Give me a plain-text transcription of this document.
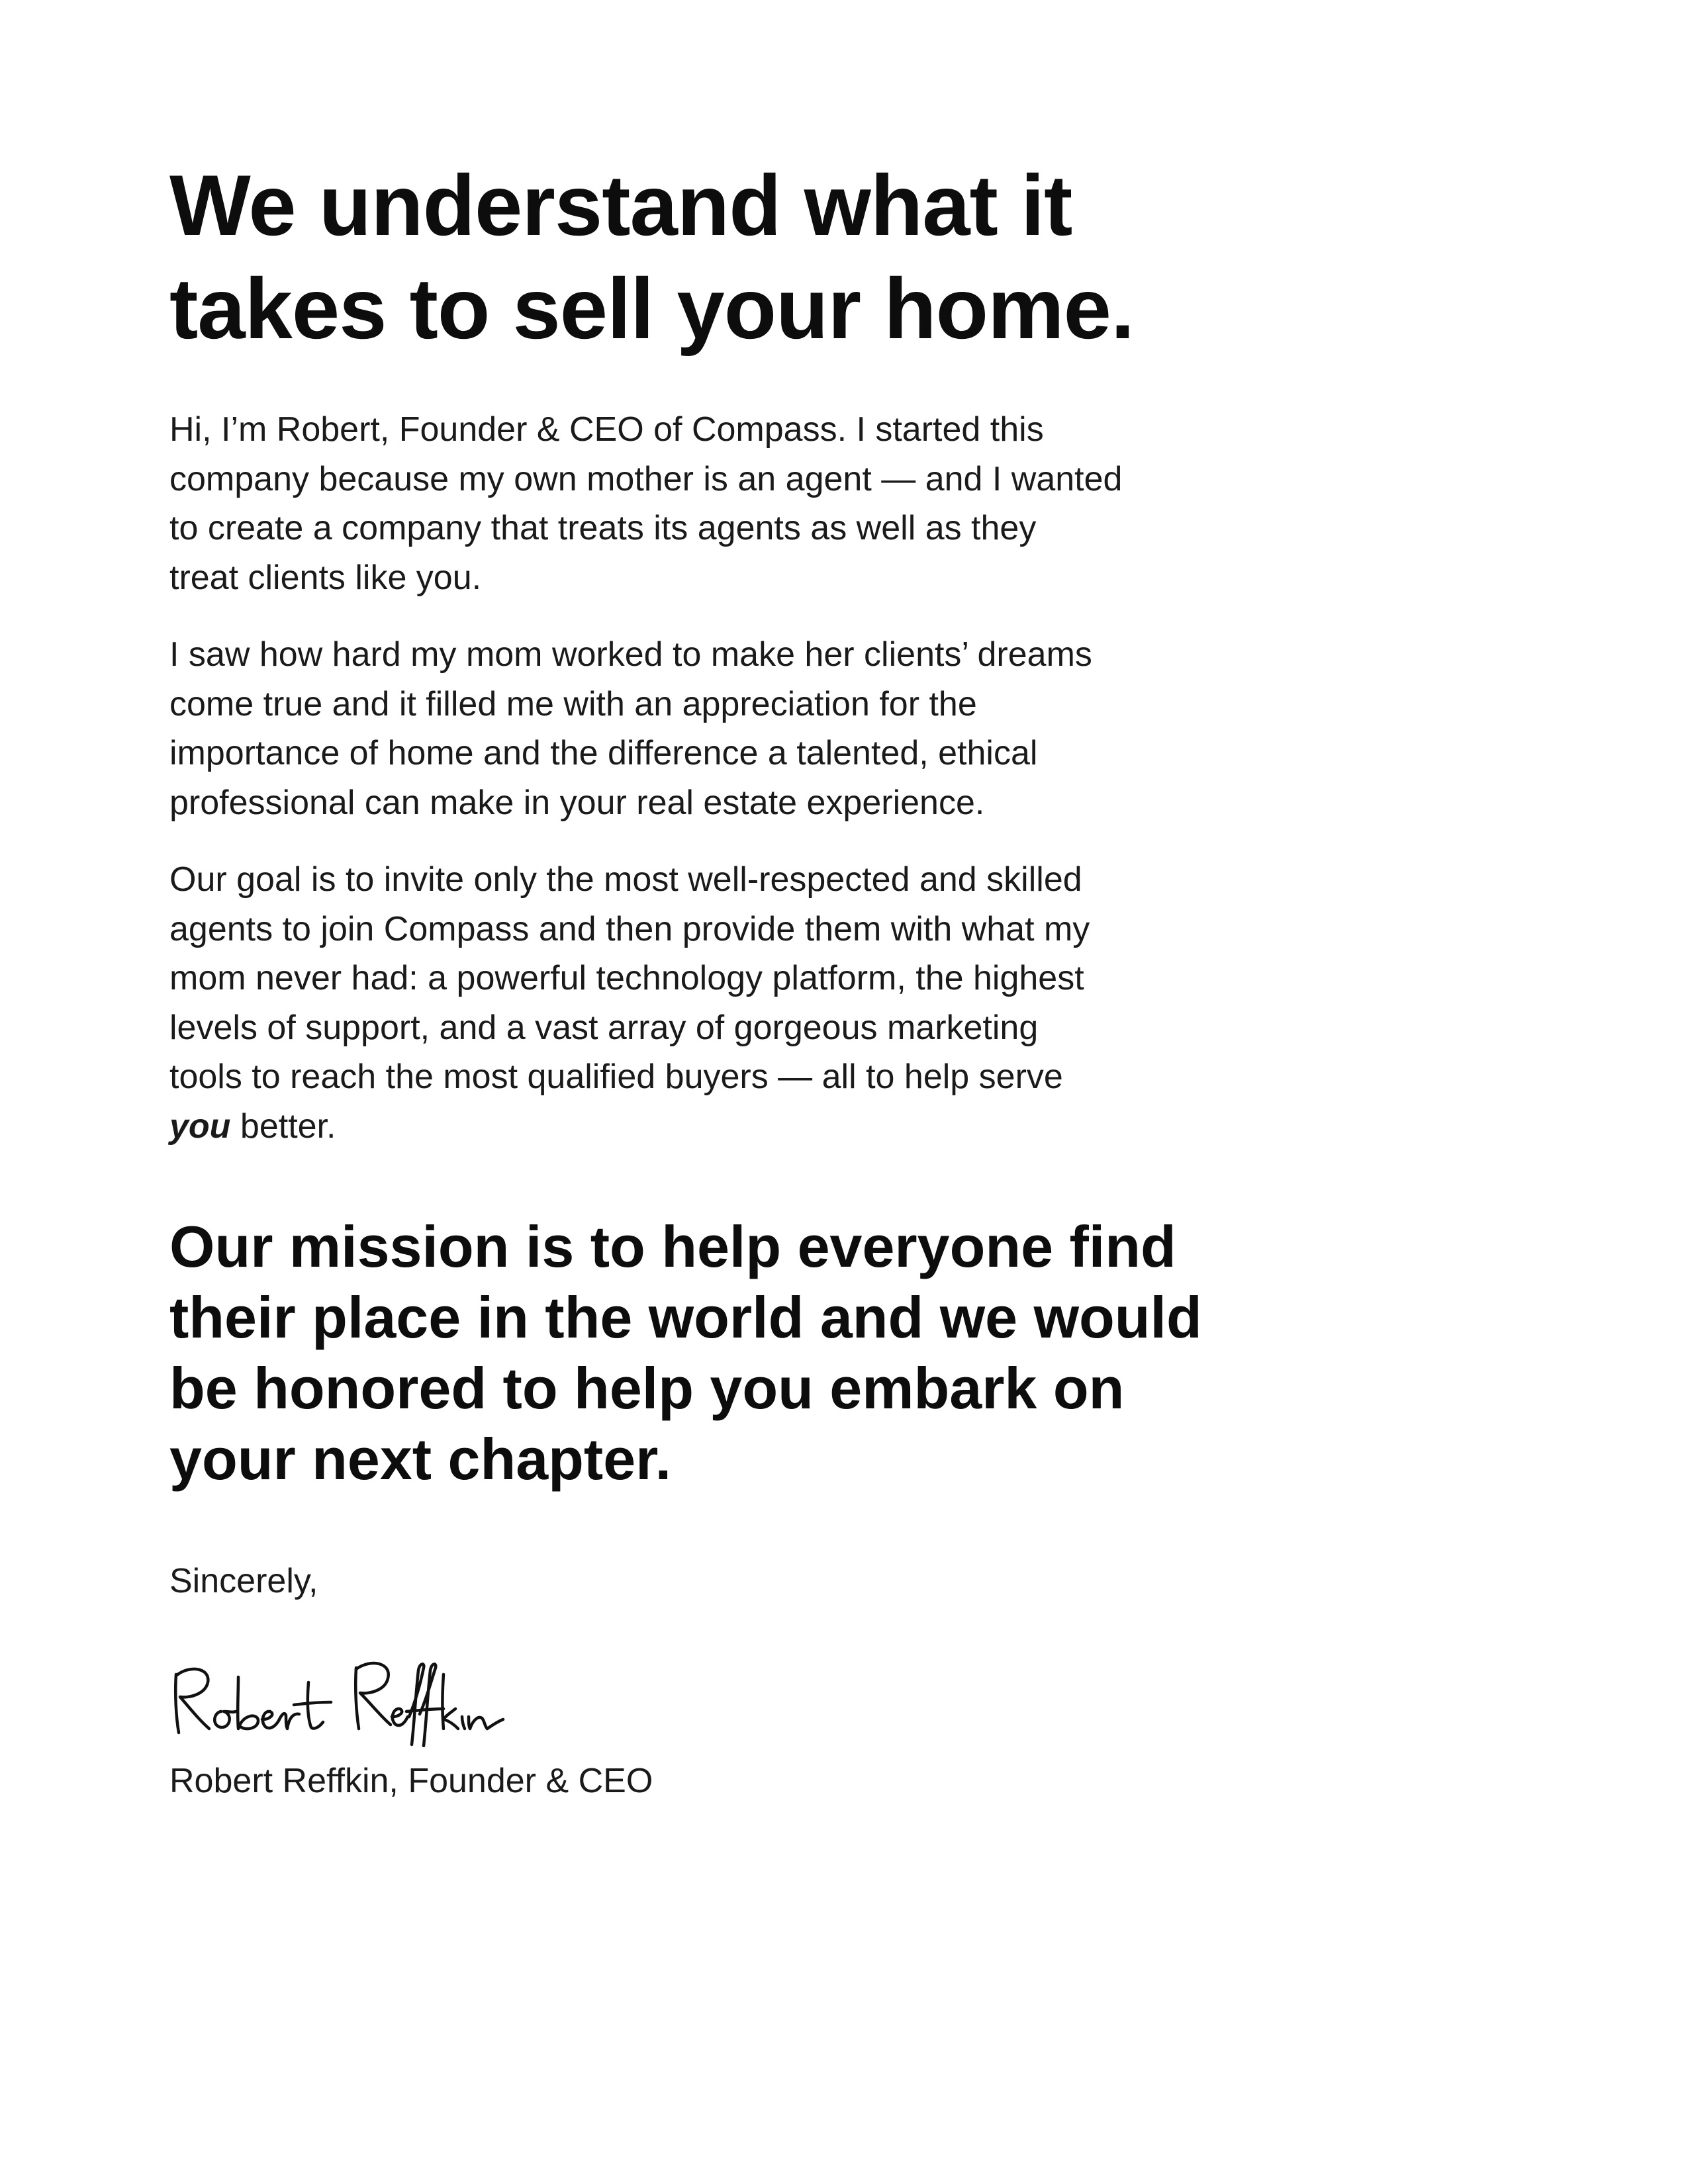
We understand what it
takes to sell your home.
Hi, I’m Robert, Founder & CEO of Compass. I started this
company because my own mother is an agent — and I wanted
to create a company that treats its agents as well as they
treat clients like you.
I saw how hard my mom worked to make her clients’ dreams
come true and it filled me with an appreciation for the
importance of home and the difference a talented, ethical
professional can make in your real estate experience.
Our goal is to invite only the most well-respected and skilled
agents to join Compass and then provide them with what my
mom never had: a powerful technology platform, the highest
levels of support, and a vast array of gorgeous marketing
tools to reach the most qualified buyers — all to help serve
you better.
Our mission is to help everyone find
their place in the world and we would
be honored to help you embark on
your next chapter.
Sincerely,
Robert Reffkin, Founder & CEO
